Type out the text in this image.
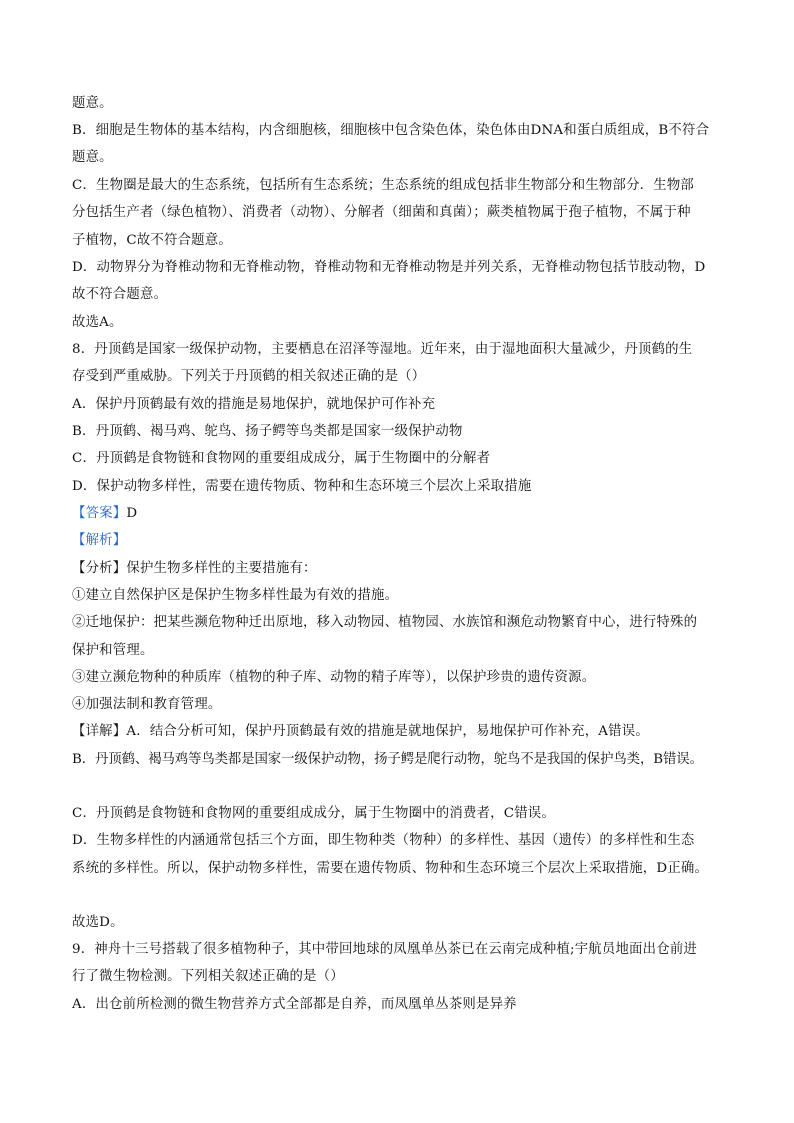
题意。
B．细胞是生物体的基本结构，内含细胞核，细胞核中包含染色体，染色体由DNA和蛋白质组成，B不符合
题意。
C．生物圈是最大的生态系统，包括所有生态系统；生态系统的组成包括非生物部分和生物部分．生物部
分包括生产者（绿色植物）、消费者（动物）、分解者（细菌和真菌）；蕨类植物属于孢子植物，不属于种
子植物，C故不符合题意。
D．动物界分为脊椎动物和无脊椎动物，脊椎动物和无脊椎动物是并列关系，无脊椎动物包括节肢动物，D
故不符合题意。
故选A。
8．丹顶鹤是国家一级保护动物，主要栖息在沼泽等湿地。近年来，由于湿地面积大量减少，丹顶鹤的生
存受到严重威胁。下列关于丹顶鹤的相关叙述正确的是（）
A．保护丹顶鹤最有效的措施是易地保护，就地保护可作补充
B．丹顶鹤、褐马鸡、鸵鸟、扬子鳄等鸟类都是国家一级保护动物
C．丹顶鹤是食物链和食物网的重要组成成分，属于生物圈中的分解者
D．保护动物多样性，需要在遗传物质、物种和生态环境三个层次上采取措施
【答案】D
【解析】
【分析】保护生物多样性的主要措施有：
①建立自然保护区是保护生物多样性最为有效的措施。
②迁地保护：把某些濒危物种迁出原地，移入动物园、植物园、水族馆和濒危动物繁育中心，进行特殊的
保护和管理。
③建立濒危物种的种质库（植物的种子库、动物的精子库等），以保护珍贵的遗传资源。
④加强法制和教育管理。
【详解】A．结合分析可知，保护丹顶鹤最有效的措施是就地保护，易地保护可作补充，A错误。
B．丹顶鹤、褐马鸡等鸟类都是国家一级保护动物，扬子鳄是爬行动物，鸵鸟不是我国的保护鸟类，B错误。
C．丹顶鹤是食物链和食物网的重要组成成分，属于生物圈中的消费者，C错误。
D．生物多样性的内涵通常包括三个方面，即生物种类（物种）的多样性、基因（遗传）的多样性和生态
系统的多样性。所以，保护动物多样性，需要在遗传物质、物种和生态环境三个层次上采取措施，D正确。
故选D。
9．神舟十三号搭载了很多植物种子，其中带回地球的凤凰单丛茶已在云南完成种植;宇航员地面出仓前进
行了微生物检测。下列相关叙述正确的是（）
A．出仓前所检测的微生物营养方式全部都是自养，而凤凰单丛茶则是异养
